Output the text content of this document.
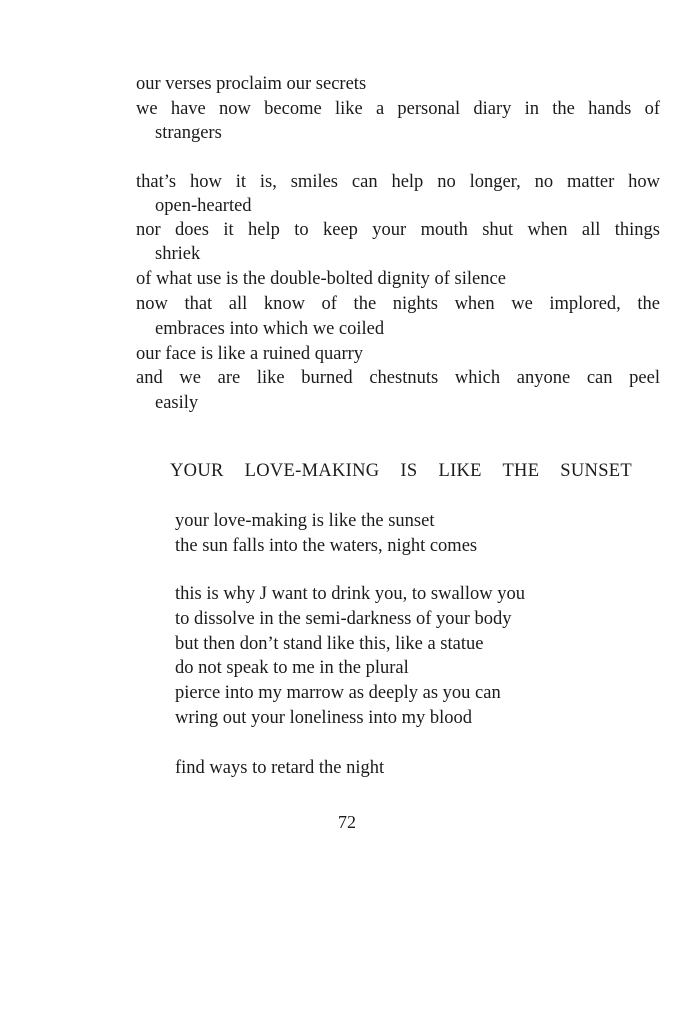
our verses proclaim our secrets
we have now become like a personal diary in the hands of
strangers
that’s how it is, smiles can help no longer, no matter how
open-hearted
nor does it help to keep your mouth shut when all things
shriek
of what use is the double-bolted dignity of silence
now that all know of the nights when we implored, the
embraces into which we coiled
our face is like a ruined quarry
and we are like burned chestnuts which anyone can peel
easily
YOUR LOVE-MAKING IS LIKE THE SUNSET
your love-making is like the sunset
the sun falls into the waters, night comes
this is why J want to drink you, to swallow you
to dissolve in the semi-darkness of your body
but then don’t stand like this, like a statue
do not speak to me in the plural
pierce into my marrow as deeply as you can
wring out your loneliness into my blood
find ways to retard the night
72
